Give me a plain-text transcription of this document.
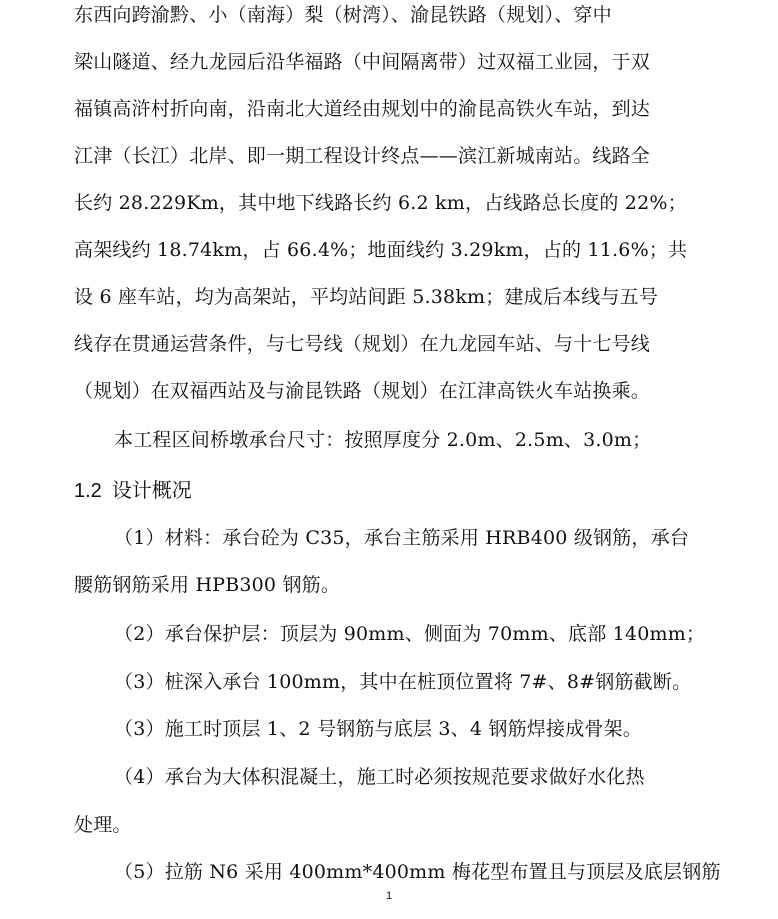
东西向跨渝黔、小（南海）梨（树湾）、渝昆铁路（规划）、穿中
梁山隧道、经九龙园后沿华福路（中间隔离带）过双福工业园，于双
福镇高浒村折向南，沿南北大道经由规划中的渝昆高铁火车站，到达
江津（长江）北岸、即一期工程设计终点——滨江新城南站。线路全
长约 28.229Km，其中地下线路长约 6.2 km，占线路总长度的 22%；
高架线约 18.74km，占 66.4%；地面线约 3.29km，占的 11.6%；共
设 6 座车站，均为高架站，平均站间距 5.38km；建成后本线与五号
线存在贯通运营条件，与七号线（规划）在九龙园车站、与十七号线
（规划）在双福西站及与渝昆铁路（规划）在江津高铁火车站换乘。
本工程区间桥墩承台尺寸：按照厚度分 2.0m、2.5m、3.0m；
1.2 设计概况
（1）材料：承台砼为 C35，承台主筋采用 HRB400 级钢筋，承台
腰筋钢筋采用 HPB300 钢筋。
（2）承台保护层：顶层为 90mm、侧面为 70mm、底部 140mm；
（3）桩深入承台 100mm，其中在桩顶位置将 7#、8#钢筋截断。
（3）施工时顶层 1、2 号钢筋与底层 3、4 钢筋焊接成骨架。
（4）承台为大体积混凝土，施工时必须按规范要求做好水化热
处理。
（5）拉筋 N6 采用 400mm*400mm 梅花型布置且与顶层及底层钢筋
1
